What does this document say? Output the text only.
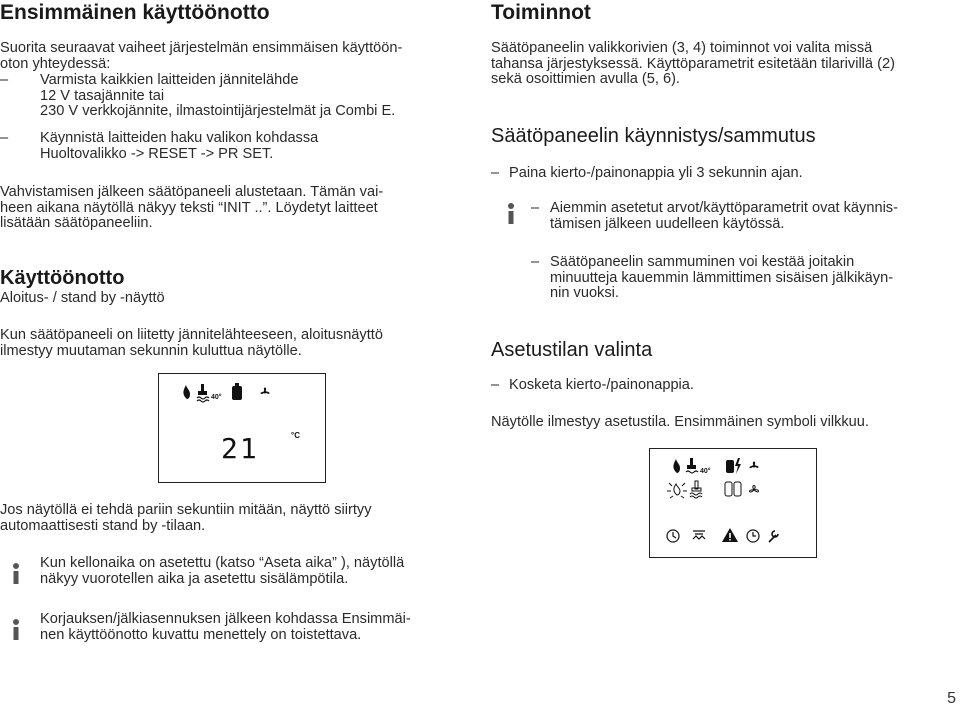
Ensimmäinen käyttöönotto
Suorita seuraavat vaiheet järjestelmän ensimmäisen käyttöön-
oton yhteydessä:
– Varmista kaikkien laitteiden jännitelähde
12 V tasajännite tai
230 V verkkojännite, ilmastointijärjestelmät ja Combi E.
– Käynnistä laitteiden haku valikon kohdassa
Huoltovalikko -> RESET -> PR SET.
Vahvistamisen jälkeen säätöpaneeli alustetaan. Tämän vai-
heen aikana näytöllä näkyy teksti “INIT ..”. Löydetyt laitteet
lisätään säätöpaneeliin.
Käyttöönotto
Aloitus- / stand by -näyttö
Kun säätöpaneeli on liitetty jännitelähteeseen, aloitusnäyttö
ilmestyy muutaman sekunnin kuluttua näytölle.
40°
21	°C
Jos näytöllä ei tehdä pariin sekuntiin mitään, näyttö siirtyy
automaattisesti stand by -tilaan.
Kun kellonaika on asetettu (katso “Aseta aika” ), näytöllä
näkyy vuorotellen aika ja asetettu sisälämpötila.
Korjauksen/jälkiasennuksen jälkeen kohdassa Ensimmäi-
nen käyttöönotto kuvattu menettely on toistettava.
Toiminnot
Säätöpaneelin valikkorivien (3, 4) toiminnot voi valita missä
tahansa järjestyksessä. Käyttöparametrit esitetään tilarivillä (2)
sekä osoittimien avulla (5, 6).
Säätöpaneelin käynnistys/sammutus
– Paina kierto-/painonappia yli 3 sekunnin ajan.
– Aiemmin asetetut arvot/käyttöparametrit ovat käynnis-
tämisen jälkeen uudelleen käytössä.
– Säätöpaneelin sammuminen voi kestää joitakin
minuutteja kauemmin lämmittimen sisäisen jälkikäyn-
nin vuoksi.
Asetustilan valinta
– Kosketa kierto-/painonappia.
Näytölle ilmestyy asetustila. Ensimmäinen symboli vilkkuu.
40°
5
